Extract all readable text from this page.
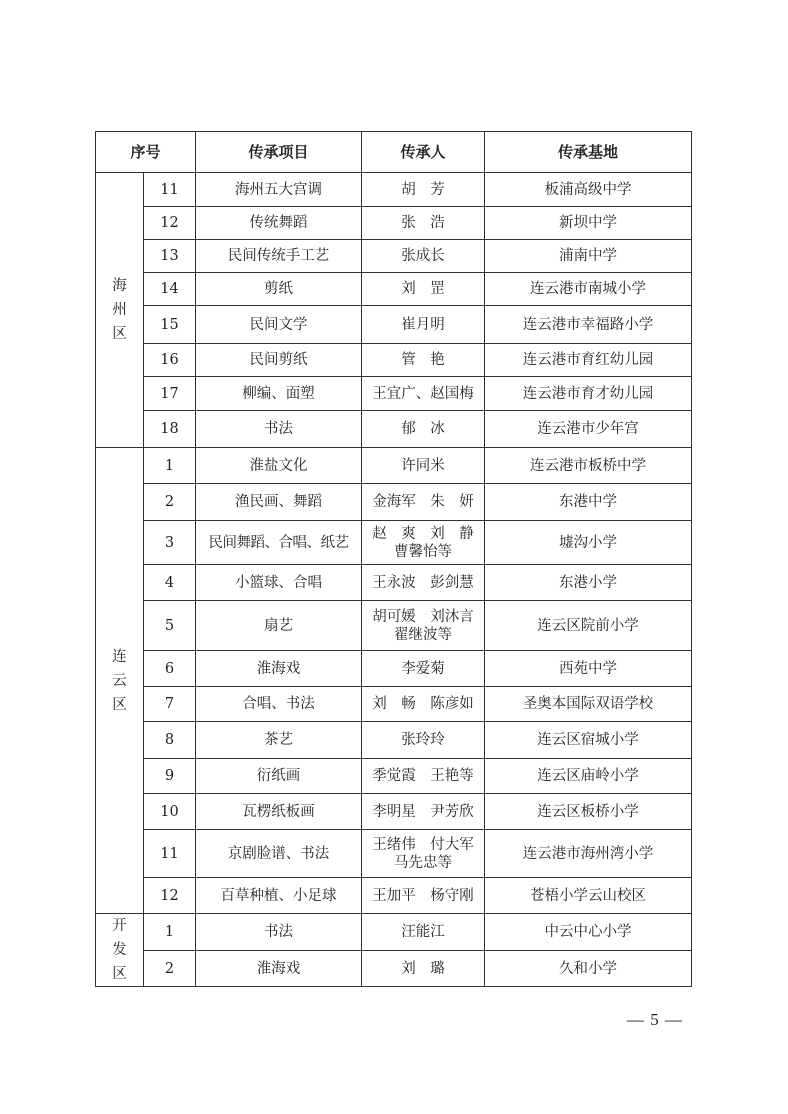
序号		传承项目	传承人	传承基地

海州区	11	海州五大宫调	胡　芳	板浦高级中学
	12	传统舞蹈	张　浩	新坝中学
	13	民间传统手工艺	张成长	浦南中学
	14	剪纸	刘　罡	连云港市南城小学
	15	民间文学	崔月明	连云港市幸福路小学
	16	民间剪纸	管　艳	连云港市育红幼儿园
	17	柳编、面塑	王宜广、赵国梅	连云港市育才幼儿园
	18	书法	郁　冰	连云港市少年宫

连云区	1	淮盐文化	许同米	连云港市板桥中学
	2	渔民画、舞蹈	金海军　朱　妍	东港中学
	3	民间舞蹈、合唱、纸艺	赵　爽　刘　静
曹馨怡等	墟沟小学
	4	小篮球、合唱	王永波　彭剑慧	东港小学
	5	扇艺	胡可媛　刘沐言
翟继波等	连云区院前小学
	6	淮海戏	李爱菊	西苑中学
	7	合唱、书法	刘　畅　陈彦如	圣奥本国际双语学校
	8	茶艺	张玲玲	连云区宿城小学
	9	衍纸画	季觉霞　王艳等	连云区庙岭小学
	10	瓦楞纸板画	李明星　尹芳欣	连云区板桥小学
	11	京剧脸谱、书法	王绪伟　付大军
马先忠等	连云港市海州湾小学
	12	百草种植、小足球	王加平　杨守刚	苍梧小学云山校区

开发区	1	书法	汪能江	中云中心小学
	2	淮海戏	刘　璐	久和小学
— 5 —
